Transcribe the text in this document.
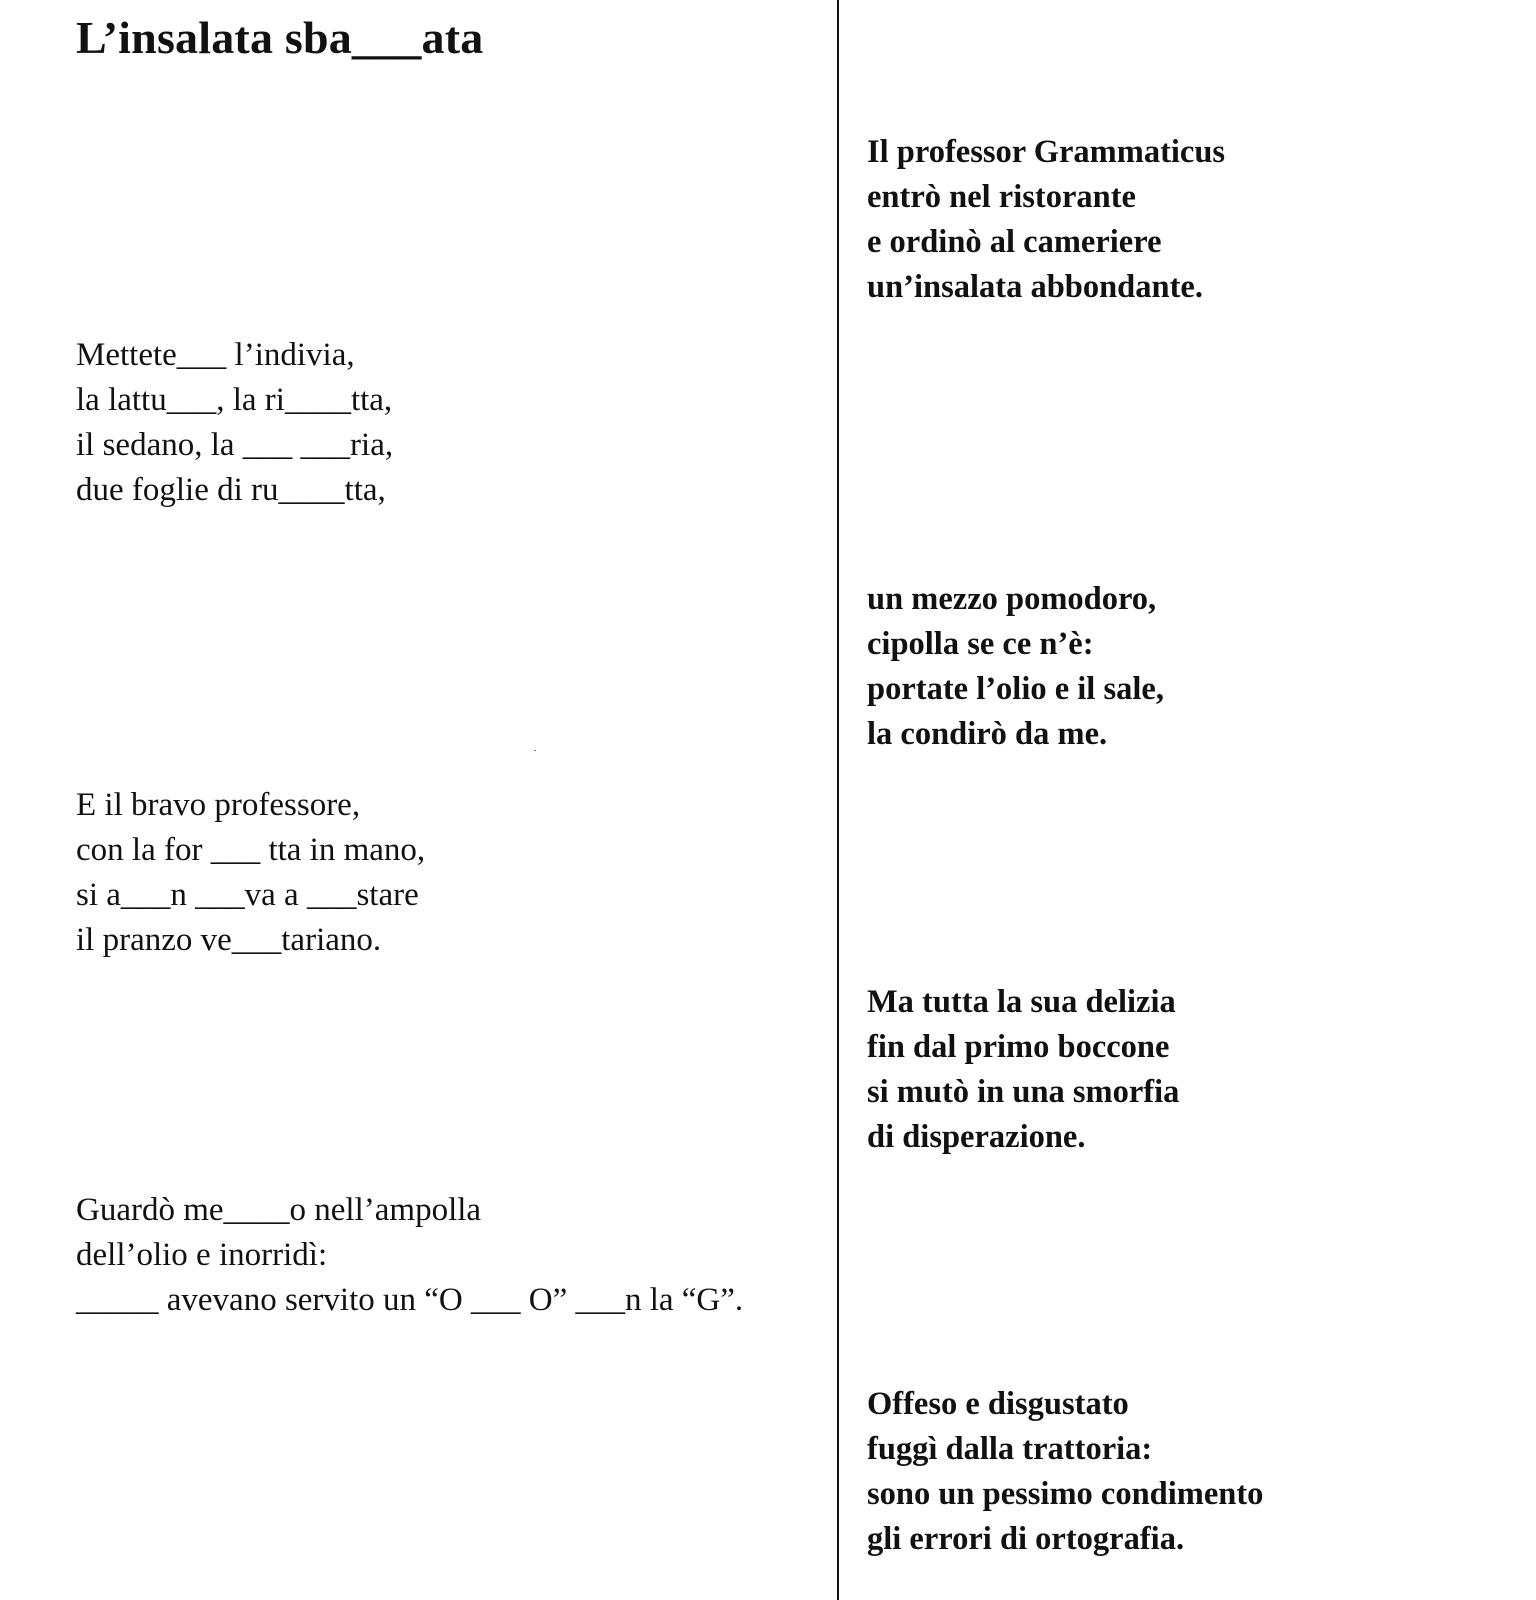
L’insalata sba___ata
Il professor Grammaticus
entrò nel ristorante
e ordinò al cameriere
un’insalata abbondante.
un mezzo pomodoro,
cipolla se ce n’è:
portate l’olio e il sale,
la condirò da me.
Ma tutta la sua delizia
fin dal primo boccone
si mutò in una smorfia
di disperazione.
Offeso e disgustato
fuggì dalla trattoria:
sono un pessimo condimento
gli errori di ortografia.
Mettete___ l’indivia,
la lattu___, la ri____tta,
il sedano, la ___ ___ria,
due foglie di ru____tta,
E il bravo professore,
con la for ___ tta in mano,
si a___n ___va a ___stare
il pranzo ve___tariano.
Guardò me____o nell’ampolla
dell’olio e inorridì:
_____ avevano servito un “O ___ O” ___n la “G”.
